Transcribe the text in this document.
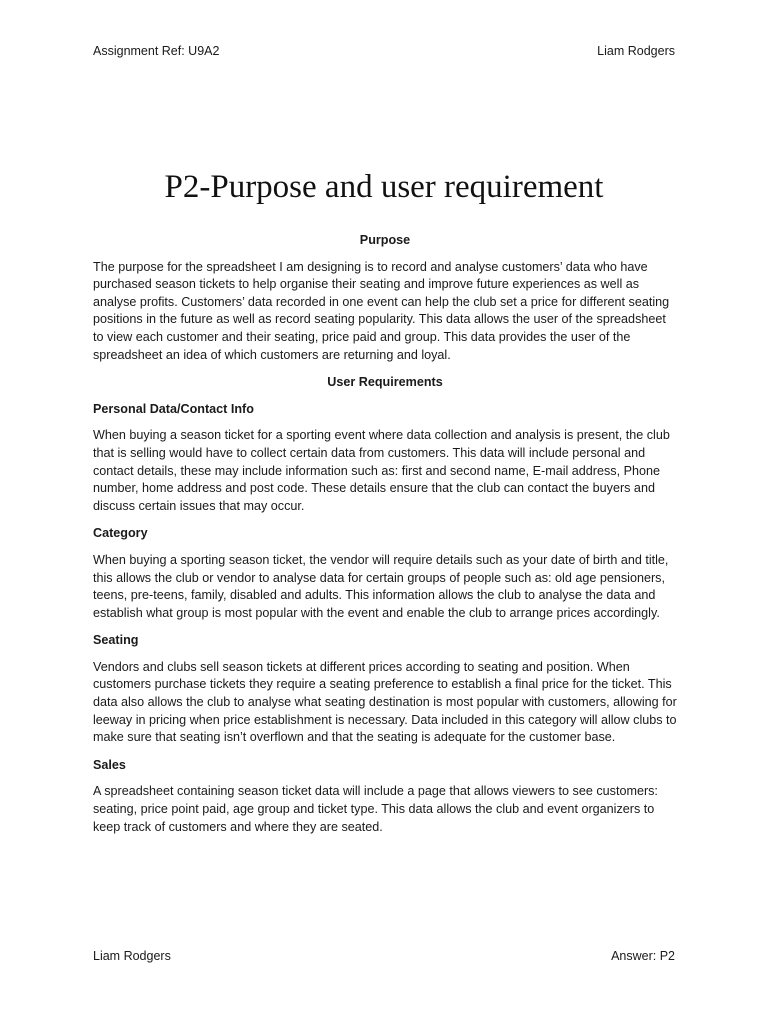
Assignment Ref: U9A2	Liam Rodgers
P2-Purpose and user requirement
Purpose

The purpose for the spreadsheet I am designing is to record and analyse customers’ data who have purchased season tickets to help organise their seating and improve future experiences as well as analyse profits. Customers’ data recorded in one event can help the club set a price for different seating positions in the future as well as record seating popularity. This data allows the user of the spreadsheet to view each customer and their seating, price paid and group. This data provides the user of the spreadsheet an idea of which customers are returning and loyal.

User Requirements
Personal Data/Contact Info

When buying a season ticket for a sporting event where data collection and analysis is present, the club that is selling would have to collect certain data from customers. This data will include personal and contact details, these may include information such as: first and second name, E-mail address, Phone number, home address and post code. These details ensure that the club can contact the buyers and discuss certain issues that may occur.

Category

When buying a sporting season ticket, the vendor will require details such as your date of birth and title, this allows the club or vendor to analyse data for certain groups of people such as: old age pensioners, teens, pre-teens, family, disabled and adults. This information allows the club to analyse the data and establish what group is most popular with the event and enable the club to arrange prices accordingly.

Seating

Vendors and clubs sell season tickets at different prices according to seating and position. When customers purchase tickets they require a seating preference to establish a final price for the ticket. This data also allows the club to analyse what seating destination is most popular with customers, allowing for leeway in pricing when price establishment is necessary. Data included in this category will allow clubs to make sure that seating isn’t overflown and that the seating is adequate for the customer base.

Sales

A spreadsheet containing season ticket data will include a page that allows viewers to see customers: seating, price point paid, age group and ticket type. This data allows the club and event organizers to keep track of customers and where they are seated.

Liam Rodgers	Answer: P2
